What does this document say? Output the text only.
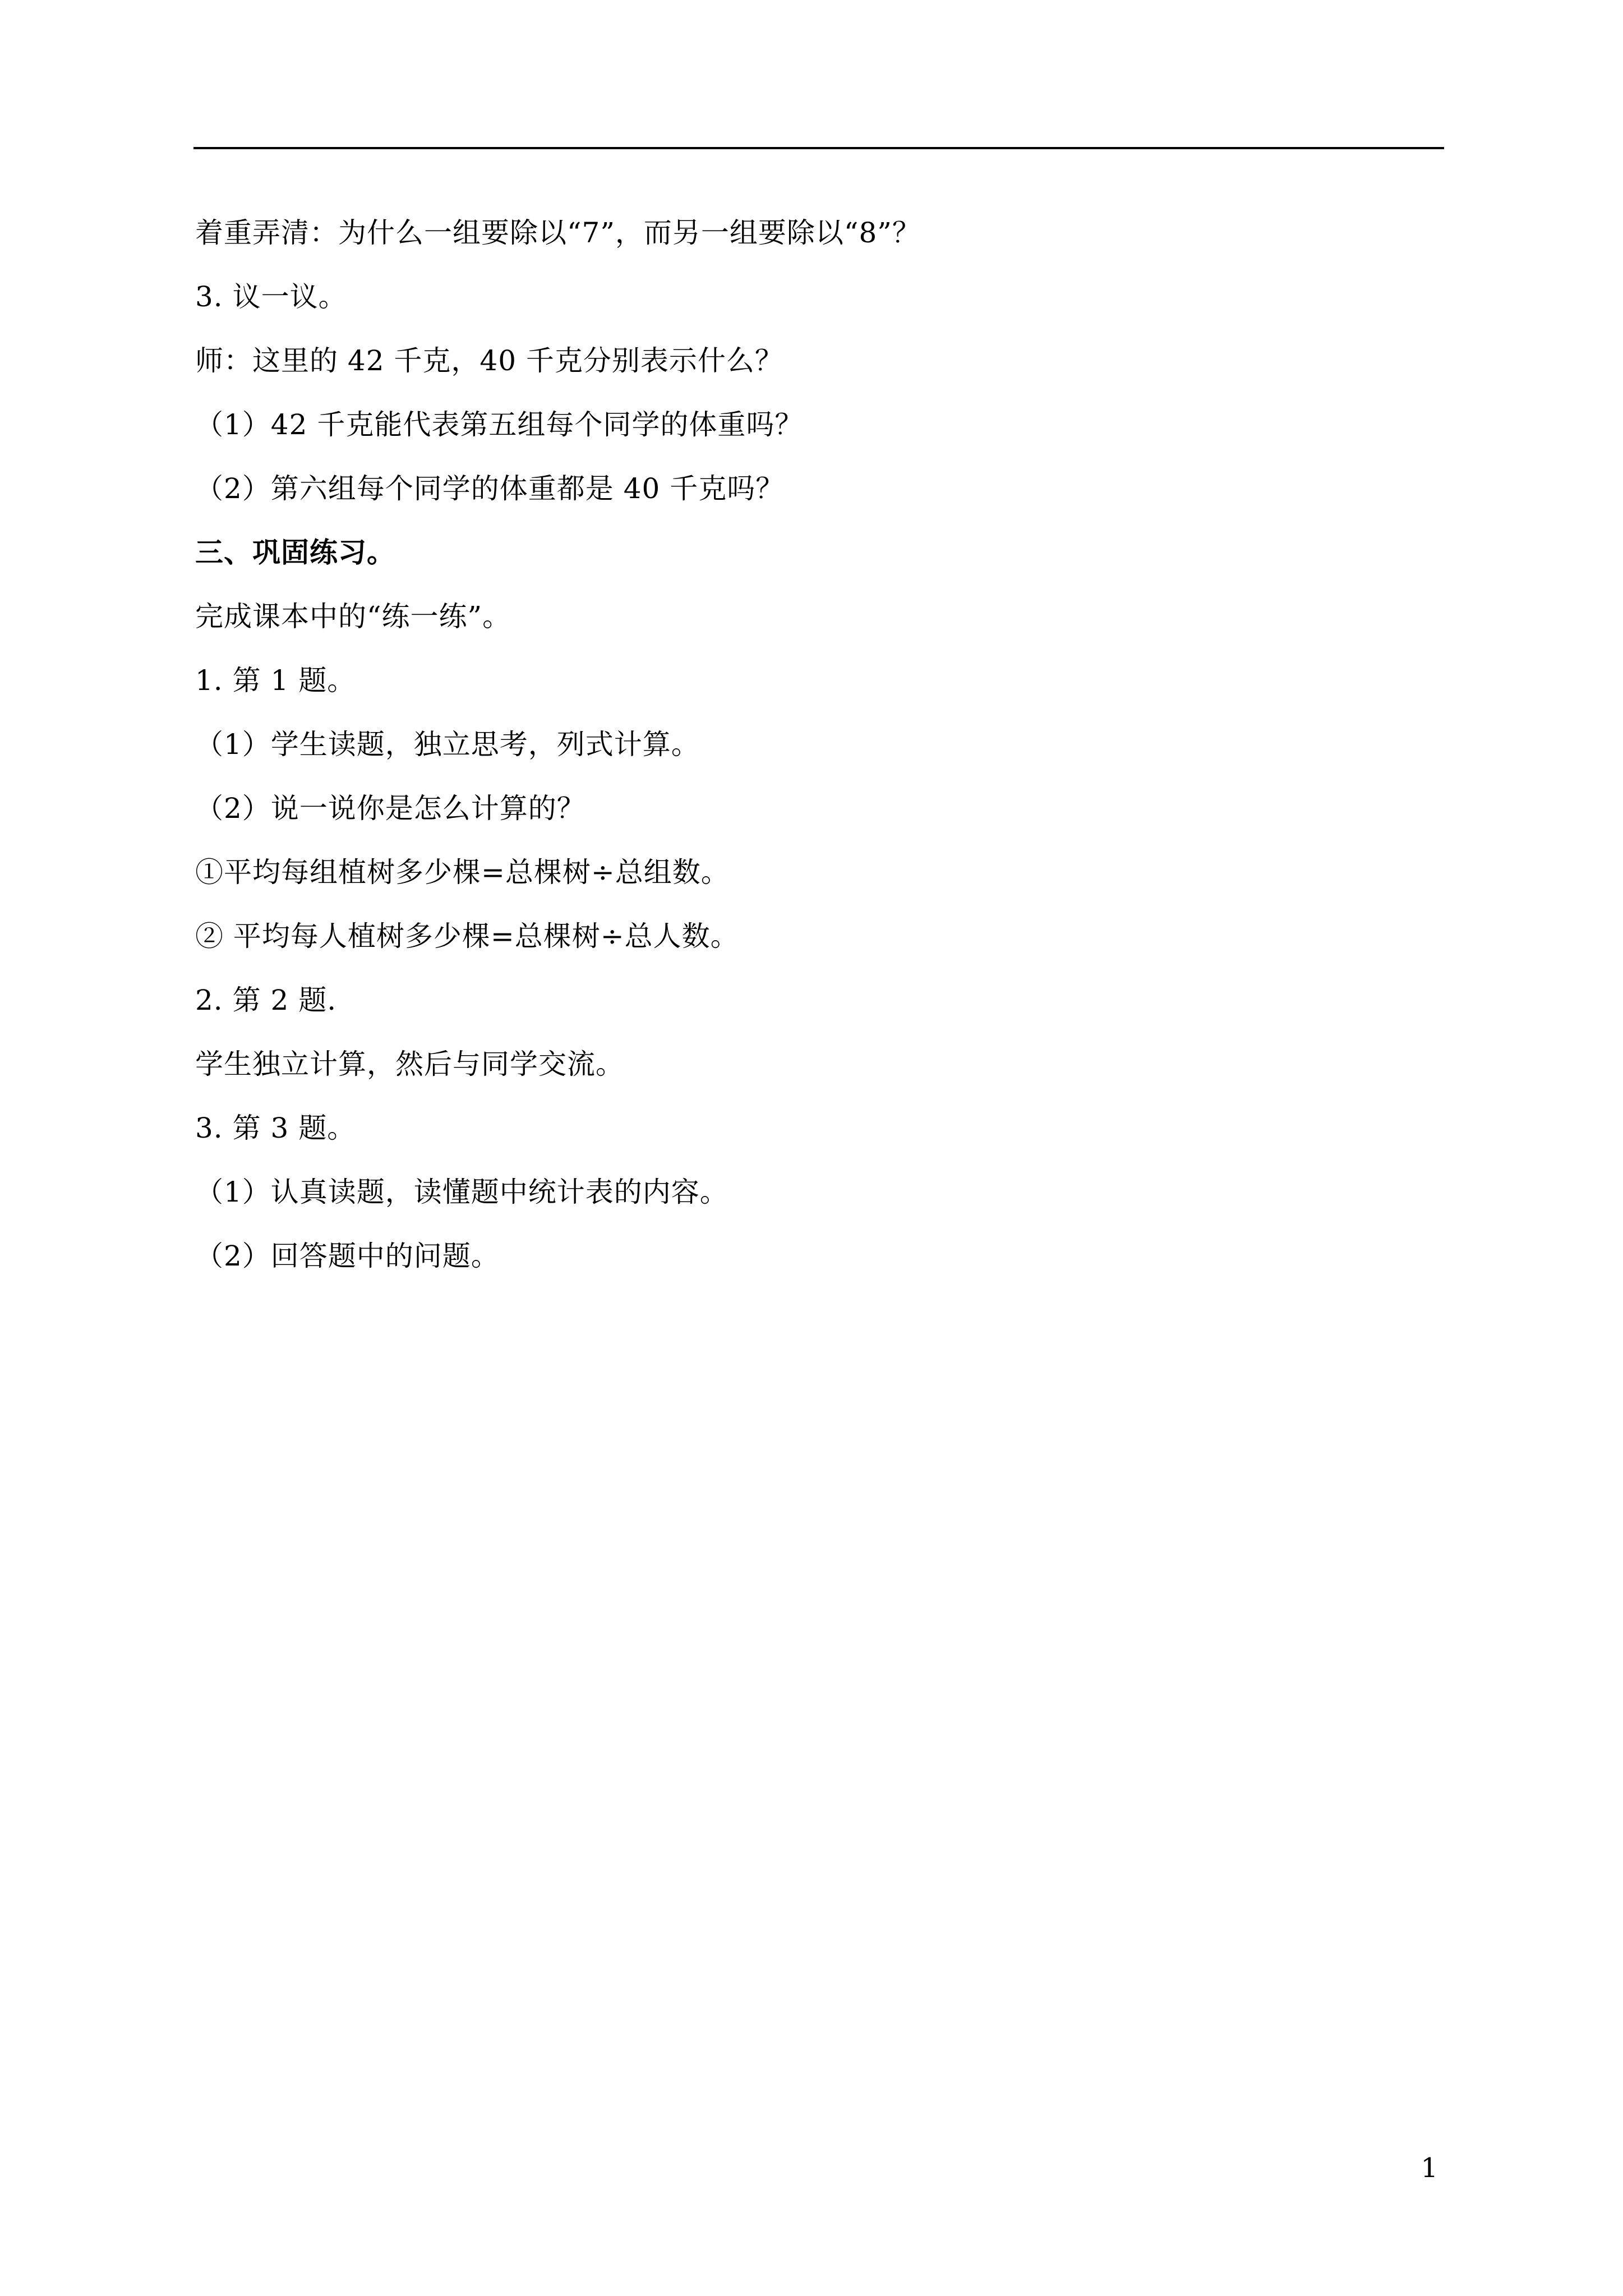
着重弄清：为什么一组要除以“7”，而另一组要除以“8”？
3. 议一议。
师：这里的 42 千克，40 千克分别表示什么？
（1）42 千克能代表第五组每个同学的体重吗？
（2）第六组每个同学的体重都是 40 千克吗？
三、巩固练习。
完成课本中的“练一练”。
1. 第 1 题。
（1）学生读题，独立思考，列式计算。
（2）说一说你是怎么计算的？
①平均每组植树多少棵=总棵树÷总组数。
② 平均每人植树多少棵=总棵树÷总人数。
2. 第 2 题.
学生独立计算，然后与同学交流。
3. 第 3 题。
（1）认真读题，读懂题中统计表的内容。
（2）回答题中的问题。
1
